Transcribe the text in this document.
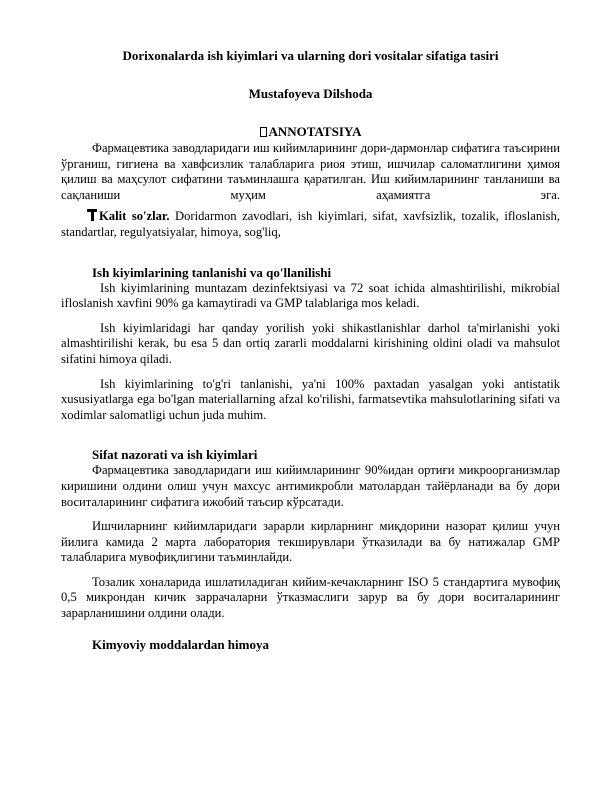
Dorixonalarda ish kiyimlari va ularning dori vositalar sifatiga tasiri
Mustafoyeva Dilshoda
ANNOTATSIYA

Фармацевтика заводларидаги иш кийимларининг дори-дармонлар сифатига таъсирини ўрганиш, гигиена ва хавфсизлик талабларига риоя этиш, ишчилар саломатлигини ҳимоя қилиш ва маҳсулот сифатини таъминлашга қаратилган. Иш кийимларининг танланиши ва сақланиши муҳим аҳамиятга эга.

Kalit so'zlar. Doridarmon zavodlari, ish kiyimlari, sifat, xavfsizlik, tozalik, ifloslanish, standartlar, regulyatsiyalar, himoya, sog'liq,

Ish kiyimlarining tanlanishi va qo'llanilishi

Ish kiyimlarining muntazam dezinfektsiyasi va 72 soat ichida almashtirilishi, mikrobial ifloslanish xavfini 90% ga kamaytiradi va GMP talablariga mos keladi.

Ish kiyimlaridagi har qanday yorilish yoki shikastlanishlar darhol ta'mirlanishi yoki almashtirilishi kerak, bu esa 5 dan ortiq zararli moddalarni kirishining oldini oladi va mahsulot sifatini himoya qiladi.

Ish kiyimlarining to'g'ri tanlanishi, ya'ni 100% paxtadan yasalgan yoki antistatik xususiyatlarga ega bo'lgan materiallarning afzal ko'rilishi, farmatsevtika mahsulotlarining sifati va xodimlar salomatligi uchun juda muhim.

Sifat nazorati va ish kiyimlari

Фармацевтика заводларидаги иш кийимларининг 90%идан ортиғи микроорганизмлар киришини олдини олиш учун махсус антимикробли матолардан тайёрланади ва бу дори воситаларининг сифатига ижобий таъсир кўрсатади.

Ишчиларнинг кийимларидаги зарарли кирларнинг миқдорини назорат қилиш учун йилига камида 2 марта лаборатория текширувлари ўтказилади ва бу натижалар GMP талабларига мувофиқлигини таъминлайди.

Тозалик хоналарида ишлатиладиган кийим-кечакларнинг ISO 5 стандартига мувофиқ 0,5 микрондан кичик заррачаларни ўтказмаслиги зарур ва бу дори воситаларининг зарарланишини олдини олади.

Kimyoviy moddalardan himoya
